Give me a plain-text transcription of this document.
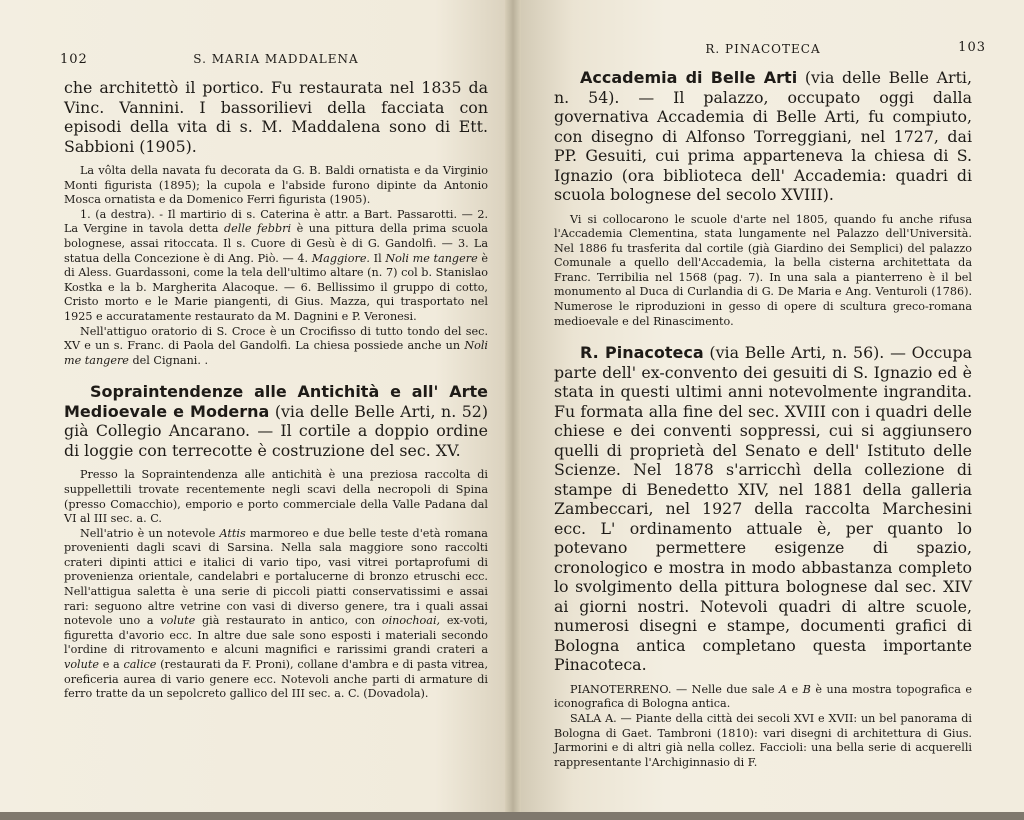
102	S. MARIA MADDALENA

che architettò il portico. Fu restaurata nel 1835 da Vinc. Vannini. I bassorilievi della facciata con episodi della vita di s. M. Maddalena sono di Ett. Sabbioni (1905).

La vôlta della navata fu decorata da G. B. Baldi ornatista e da Virginio Monti figurista (1895); la cupola e l'abside furono dipinte da Antonio Mosca ornatista e da Domenico Ferri figurista (1905).

1. (a destra). - Il martirio di s. Caterina è attr. a Bart. Passarotti. — 2. La Vergine in tavola detta delle febbri è una pittura della prima scuola bolognese, assai ritoccata. Il s. Cuore di Gesù è di G. Gandolfi. — 3. La statua della Concezione è di Ang. Piò. — 4. Maggiore. Il Noli me tangere è di Aless. Guardassoni, come la tela dell'ultimo altare (n. 7) col b. Stanislao Kostka e la b. Margherita Alacoque. — 6. Bellissimo il gruppo di cotto, Cristo morto e le Marie piangenti, di Gius. Mazza, qui trasportato nel 1925 e accuratamente restaurato da M. Dagnini e P. Veronesi.

Nell'attiguo oratorio di S. Croce è un Crocifisso di tutto tondo del sec. XV e un s. Franc. di Paola del Gandolfi. La chiesa possiede anche un Noli me tangere del Cignani. .

Sopraintendenze alle Antichità e all' Arte Medioevale e Moderna (via delle Belle Arti, n. 52) già Collegio Ancarano. — Il cortile a doppio ordine di loggie con terrecotte è costruzione del sec. XV.

Presso la Sopraintendenza alle antichità è una preziosa raccolta di suppellettili trovate recentemente negli scavi della necropoli di Spina (presso Comacchio), emporio e porto commerciale della Valle Padana dal VI al III sec. a. C.

Nell'atrio è un notevole Attis marmoreo e due belle teste d'età romana provenienti dagli scavi di Sarsina. Nella sala maggiore sono raccolti crateri dipinti attici e italici di vario tipo, vasi vitrei portaprofumi di provenienza orientale, candelabri e portalucerne di bronzo etruschi ecc. Nell'attigua saletta è una serie di piccoli piatti conservatissimi e assai rari: seguono altre vetrine con vasi di diverso genere, tra i quali assai notevole uno a volute già restaurato in antico, con oinochoai, ex-voti, figuretta d'avorio ecc. In altre due sale sono esposti i materiali secondo l'ordine di ritrovamento e alcuni magnifici e rarissimi grandi crateri a volute e a calice (restaurati da F. Proni), collane d'ambra e di pasta vitrea, oreficeria aurea di vario genere ecc. Notevoli anche parti di armature di ferro tratte da un sepolcreto gallico del III sec. a. C. (Dovadola).

R. PINACOTECA	103

Accademia di Belle Arti (via delle Belle Arti, n. 54). — Il palazzo, occupato oggi dalla governativa Accademia di Belle Arti, fu compiuto, con disegno di Alfonso Torreggiani, nel 1727, dai PP. Gesuiti, cui prima apparteneva la chiesa di S. Ignazio (ora biblioteca dell' Accademia: quadri di scuola bolognese del secolo XVIII).

Vi si collocarono le scuole d'arte nel 1805, quando fu anche rifusa l'Accademia Clementina, stata lungamente nel Palazzo dell'Università. Nel 1886 fu trasferita dal cortile (già Giardino dei Semplici) del palazzo Comunale a quello dell'Accademia, la bella cisterna architettata da Franc. Terribilia nel 1568 (pag. 7). In una sala a pianterreno è il bel monumento al Duca di Curlandia di G. De Maria e Ang. Venturoli (1786). Numerose le riproduzioni in gesso di opere di scultura greco-romana medioevale e del Rinascimento.

R. Pinacoteca (via Belle Arti, n. 56). — Occupa parte dell' ex-convento dei gesuiti di S. Ignazio ed è stata in questi ultimi anni notevolmente ingrandita. Fu formata alla fine del sec. XVIII con i quadri delle chiese e dei conventi soppressi, cui si aggiunsero quelli di proprietà del Senato e dell' Istituto delle Scienze. Nel 1878 s'arricchì della collezione di stampe di Benedetto XIV, nel 1881 della galleria Zambeccari, nel 1927 della raccolta Marchesini ecc. L' ordinamento attuale è, per quanto lo potevano permettere esigenze di spazio, cronologico e mostra in modo abbastanza completo lo svolgimento della pittura bolognese dal sec. XIV ai giorni nostri. Notevoli quadri di altre scuole, numerosi disegni e stampe, documenti grafici di Bologna antica completano questa importante Pinacoteca.

PIANOTERRENO. — Nelle due sale A e B è una mostra topografica e iconografica di Bologna antica.

SALA A. — Piante della città dei secoli XVI e XVII: un bel panorama di Bologna di Gaet. Tambroni (1810): vari disegni di architettura di Gius. Jarmorini e di altri già nella collez. Faccioli: una bella serie di acquerelli rappresentante l'Archiginnasio di F.
